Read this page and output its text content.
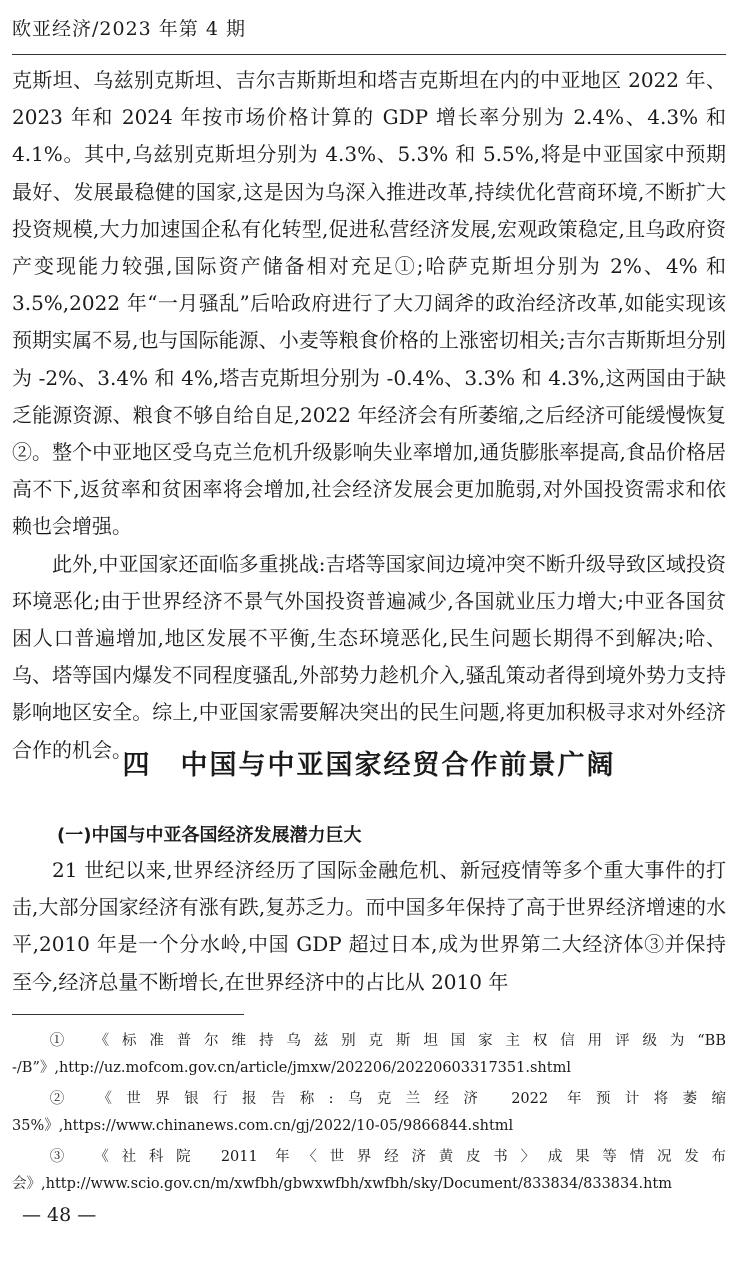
欧亚经济/2023 年第 4 期

克斯坦、乌兹别克斯坦、吉尔吉斯斯坦和塔吉克斯坦在内的中亚地区 2022 年、2023 年和 2024 年按市场价格计算的 GDP 增长率分别为 2.4%、4.3% 和 4.1%。其中,乌兹别克斯坦分别为 4.3%、5.3% 和 5.5%,将是中亚国家中预期最好、发展最稳健的国家,这是因为乌深入推进改革,持续优化营商环境,不断扩大投资规模,大力加速国企私有化转型,促进私营经济发展,宏观政策稳定,且乌政府资产变现能力较强,国际资产储备相对充足①;哈萨克斯坦分别为 2%、4% 和 3.5%,2022 年“一月骚乱”后哈政府进行了大刀阔斧的政治经济改革,如能实现该预期实属不易,也与国际能源、小麦等粮食价格的上涨密切相关;吉尔吉斯斯坦分别为 -2%、3.4% 和 4%,塔吉克斯坦分别为 -0.4%、3.3% 和 4.3%,这两国由于缺乏能源资源、粮食不够自给自足,2022 年经济会有所萎缩,之后经济可能缓慢恢复②。整个中亚地区受乌克兰危机升级影响失业率增加,通货膨胀率提高,食品价格居高不下,返贫率和贫困率将会增加,社会经济发展会更加脆弱,对外国投资需求和依赖也会增强。

此外,中亚国家还面临多重挑战:吉塔等国家间边境冲突不断升级导致区域投资环境恶化;由于世界经济不景气外国投资普遍减少,各国就业压力增大;中亚各国贫困人口普遍增加,地区发展不平衡,生态环境恶化,民生问题长期得不到解决;哈、乌、塔等国内爆发不同程度骚乱,外部势力趁机介入,骚乱策动者得到境外势力支持影响地区安全。综上,中亚国家需要解决突出的民生问题,将更加积极寻求对外经济合作的机会。

四　中国与中亚国家经贸合作前景广阔
(一)中国与中亚各国经济发展潜力巨大

21 世纪以来,世界经济经历了国际金融危机、新冠疫情等多个重大事件的打击,大部分国家经济有涨有跌,复苏乏力。而中国多年保持了高于世界经济增速的水平,2010 年是一个分水岭,中国 GDP 超过日本,成为世界第二大经济体③并保持至今,经济总量不断增长,在世界经济中的占比从 2010 年

① 《标准普尔维持乌兹别克斯坦国家主权信用评级为“BB -/B”》,http://uz.mofcom.gov.cn/article/jmxw/202206/20220603317351.shtml

② 《世界银行报告称:乌克兰经济 2022 年预计将萎缩 35%》,https://www.chinanews.com.cn/gj/2022/10-05/9866844.shtml

③ 《社科院 2011 年〈世界经济黄皮书〉成果等情况发布会》,http://www.scio.gov.cn/m/xwfbh/gbwxwfbh/xwfbh/sky/Document/833834/833834.htm

— 48 —
